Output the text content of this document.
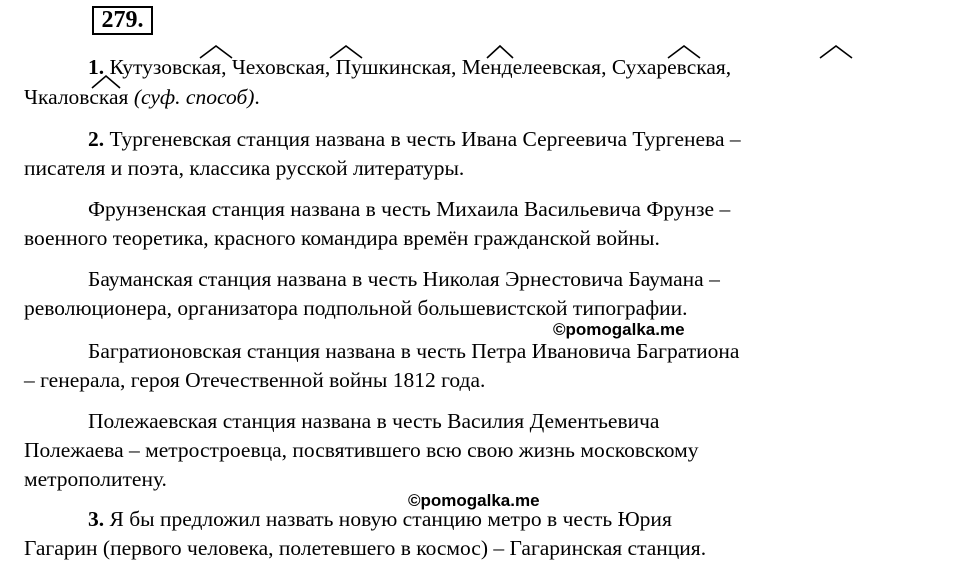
279.
1. Кутузовская, Чеховская, Пушкинская, Менделеевская, Сухаревская,
Чкаловская (суф. способ).
2. Тургеневская станция названа в честь Ивана Сергеевича Тургенева –
писателя и поэта, классика русской литературы.
Фрунзенская станция названа в честь Михаила Васильевича Фрунзе –
военного теоретика, красного командира времён гражданской войны.
Бауманская станция названа в честь Николая Эрнестовича Баумана –
революционера, организатора подпольной большевистской типографии.
©pomogalka.me
Багратионовская станция названа в честь Петра Ивановича Багратиона
– генерала, героя Отечественной войны 1812 года.
Полежаевская станция названа в честь Василия Дементьевича
Полежаева – метростроевца, посвятившего всю свою жизнь московскому
метрополитену.
©pomogalka.me
3. Я бы предложил назвать новую станцию метро в честь Юрия
Гагарин (первого человека, полетевшего в космос) – Гагаринская станция.
